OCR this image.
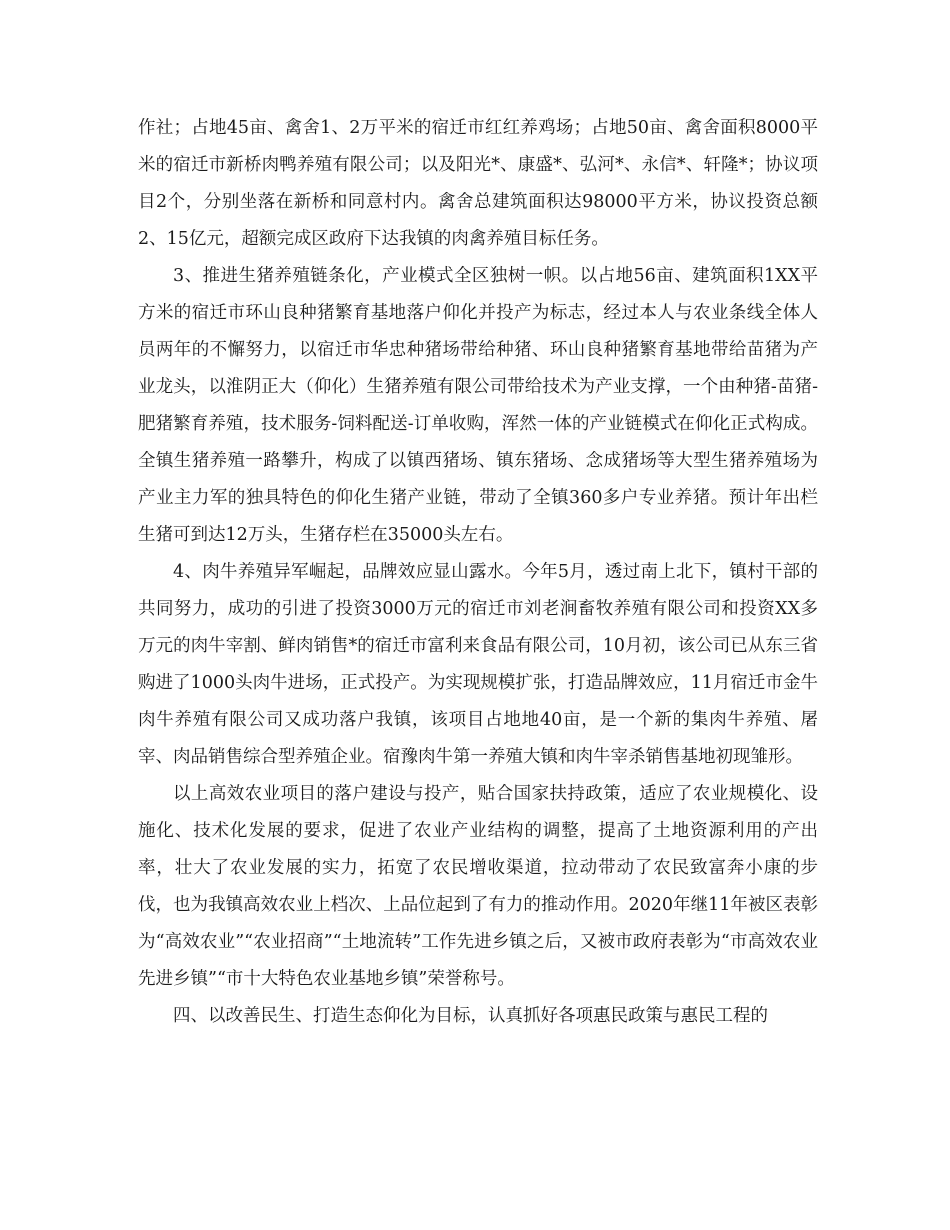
作社；占地45亩、禽舍1、2万平米的宿迁市红红养鸡场；占地50亩、禽舍面积8000平米的宿迁市新桥肉鸭养殖有限公司；以及阳光*、康盛*、弘河*、永信*、轩隆*；协议项目2个，分别坐落在新桥和同意村内。禽舍总建筑面积达98000平方米，协议投资总额2、15亿元，超额完成区政府下达我镇的肉禽养殖目标任务。

3、推进生猪养殖链条化，产业模式全区独树一帜。以占地56亩、建筑面积1XX平方米的宿迁市环山良种猪繁育基地落户仰化并投产为标志，经过本人与农业条线全体人员两年的不懈努力，以宿迁市华忠种猪场带给种猪、环山良种猪繁育基地带给苗猪为产业龙头，以淮阴正大（仰化）生猪养殖有限公司带给技术为产业支撑，一个由种猪-苗猪-肥猪繁育养殖，技术服务-饲料配送-订单收购，浑然一体的产业链模式在仰化正式构成。全镇生猪养殖一路攀升，构成了以镇西猪场、镇东猪场、念成猪场等大型生猪养殖场为产业主力军的独具特色的仰化生猪产业链，带动了全镇360多户专业养猪。预计年出栏生猪可到达12万头，生猪存栏在35000头左右。

4、肉牛养殖异军崛起，品牌效应显山露水。今年5月，透过南上北下，镇村干部的共同努力，成功的引进了投资3000万元的宿迁市刘老涧畜牧养殖有限公司和投资XX多万元的肉牛宰割、鲜肉销售*的宿迁市富利来食品有限公司，10月初，该公司已从东三省购进了1000头肉牛进场，正式投产。为实现规模扩张，打造品牌效应，11月宿迁市金牛肉牛养殖有限公司又成功落户我镇，该项目占地地40亩，是一个新的集肉牛养殖、屠宰、肉品销售综合型养殖企业。宿豫肉牛第一养殖大镇和肉牛宰杀销售基地初现雏形。

以上高效农业项目的落户建设与投产，贴合国家扶持政策，适应了农业规模化、设施化、技术化发展的要求，促进了农业产业结构的调整，提高了土地资源利用的产出率，壮大了农业发展的实力，拓宽了农民增收渠道，拉动带动了农民致富奔小康的步伐，也为我镇高效农业上档次、上品位起到了有力的推动作用。2020年继11年被区表彰为“高效农业”“农业招商”“土地流转”工作先进乡镇之后，又被市政府表彰为“市高效农业先进乡镇”“市十大特色农业基地乡镇”荣誉称号。

四、以改善民生、打造生态仰化为目标，认真抓好各项惠民政策与惠民工程的
